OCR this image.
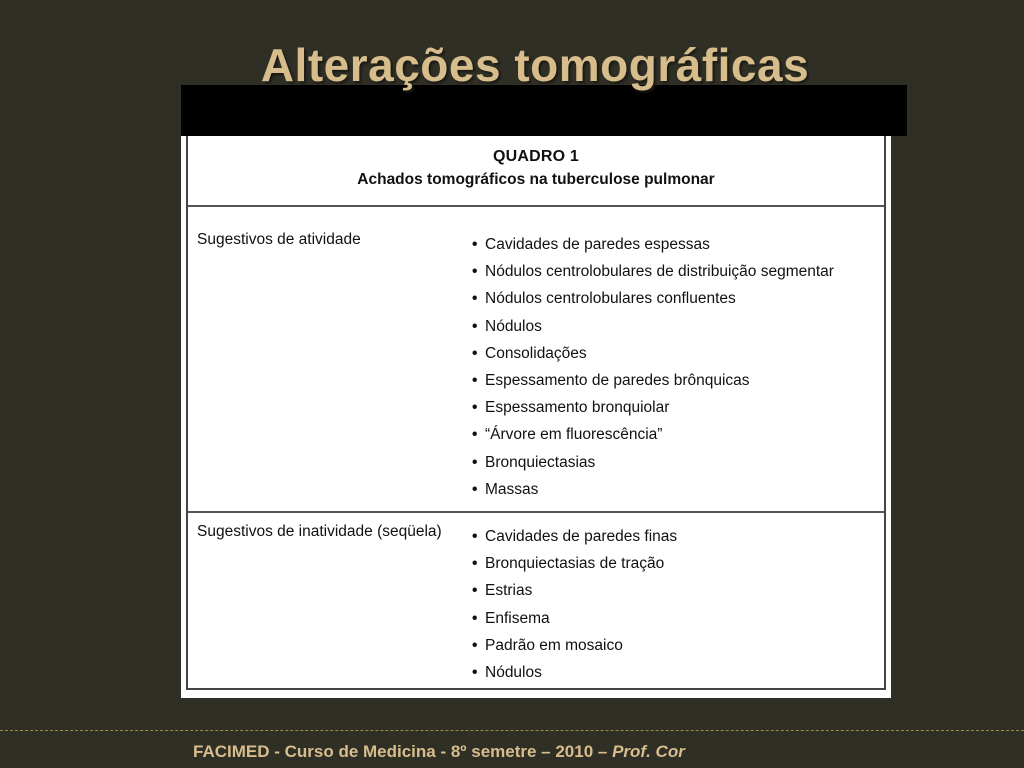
Alterações tomográficas
QUADRO 1
Achados tomográficos na tuberculose pulmonar
Sugestivos de atividade	• Cavidades de paredes espessas
• Nódulos centrolobulares de distribuição segmentar
• Nódulos centrolobulares confluentes
• Nódulos
• Consolidações
• Espessamento de paredes brônquicas
• Espessamento bronquiolar
• “Árvore em fluorescência”
• Bronquiectasias
• Massas
Sugestivos de inatividade (seqüela)	• Cavidades de paredes finas
• Bronquiectasias de tração
• Estrias
• Enfisema
• Padrão em mosaico
• Nódulos
FACIMED - Curso de Medicina - 8º semetre – 2010 – Prof. Cor
